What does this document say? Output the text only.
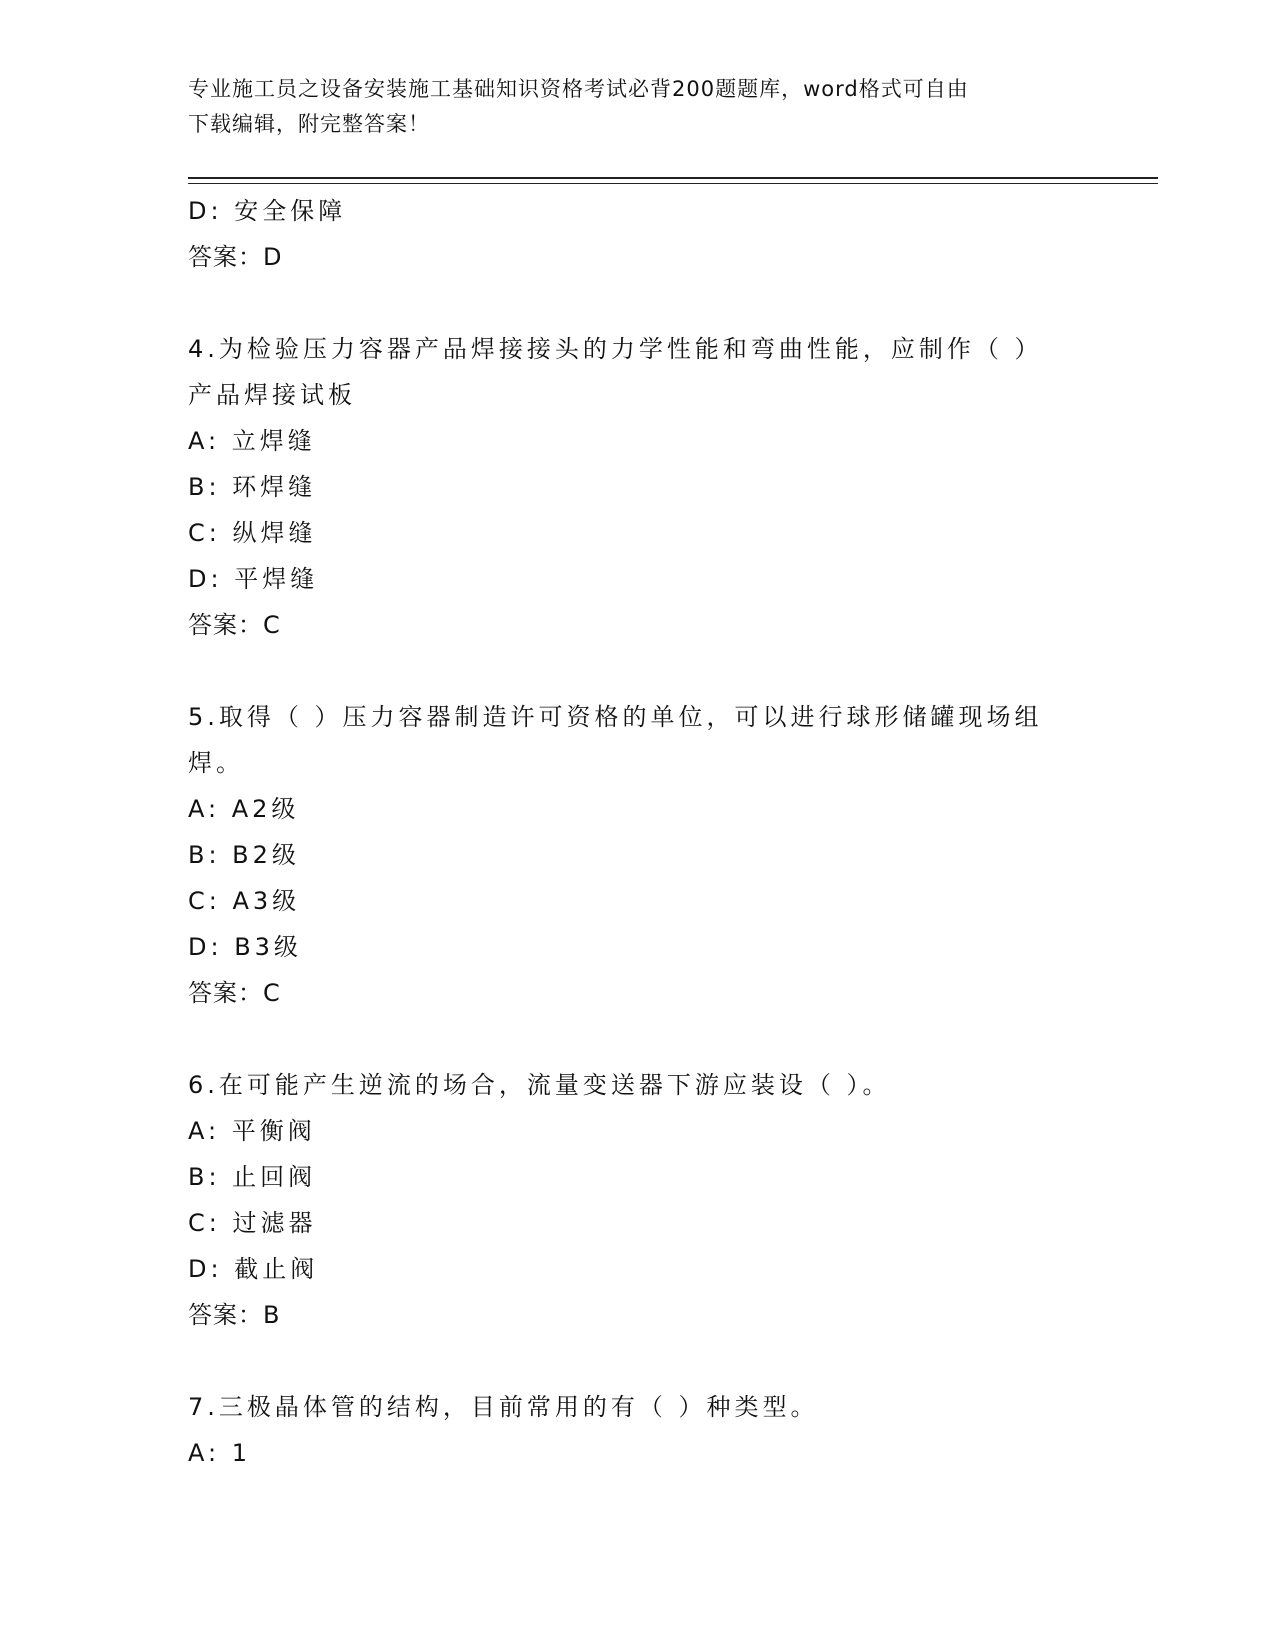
专业施工员之设备安装施工基础知识资格考试必背200题题库，word格式可自由
下载编辑，附完整答案！
D: 安全保障
答案：D
4.为检验压力容器产品焊接接头的力学性能和弯曲性能，应制作（ ）
产品焊接试板
A: 立焊缝
B: 环焊缝
C: 纵焊缝
D: 平焊缝
答案：C
5.取得（ ）压力容器制造许可资格的单位，可以进行球形储罐现场组
焊。
A: A2级
B: B2级
C: A3级
D: B3级
答案：C
6.在可能产生逆流的场合，流量变送器下游应装设（ ）。
A: 平衡阀
B: 止回阀
C: 过滤器
D: 截止阀
答案：B
7.三极晶体管的结构，目前常用的有（ ）种类型。
A: 1
